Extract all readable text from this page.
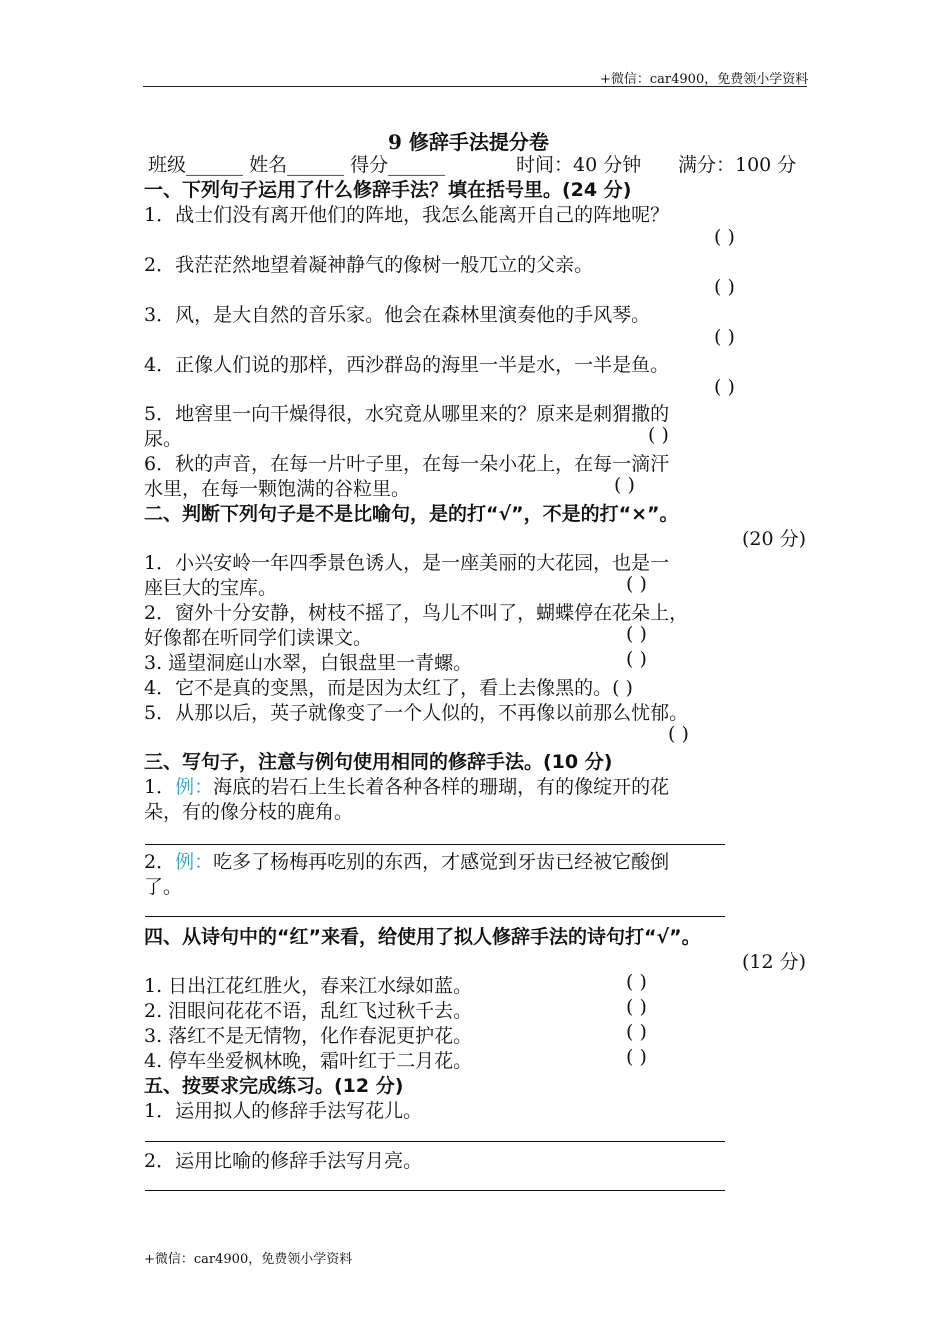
+微信：car4900，免费领小学资料
9 修辞手法提分卷
班级______ 姓名______ 得分______	时间：40 分钟 满分：100 分
一、下列句子运用了什么修辞手法？填在括号里。(24 分)
1．战士们没有离开他们的阵地，我怎么能离开自己的阵地呢？
( )
2．我茫茫然地望着凝神静气的像树一般兀立的父亲。
( )
3．风，是大自然的音乐家。他会在森林里演奏他的手风琴。
( )
4．正像人们说的那样，西沙群岛的海里一半是水，一半是鱼。
( )
5．地窖里一向干燥得很，水究竟从哪里来的？原来是刺猬撒的
尿。	( )
6．秋的声音，在每一片叶子里，在每一朵小花上，在每一滴汗
水里，在每一颗饱满的谷粒里。	( )
二、判断下列句子是不是比喻句，是的打“√”，不是的打“×”。
(20 分)
1．小兴安岭一年四季景色诱人，是一座美丽的大花园，也是一
座巨大的宝库。	( )
2．窗外十分安静，树枝不摇了，鸟儿不叫了，蝴蝶停在花朵上，
好像都在听同学们读课文。	( )
3. 遥望洞庭山水翠，白银盘里一青螺。	( )
4．它不是真的变黑，而是因为太红了，看上去像黑的。( )
5．从那以后，英子就像变了一个人似的，不再像以前那么忧郁。
( )
三、写句子，注意与例句使用相同的修辞手法。(10 分)
1．例：海底的岩石上生长着各种各样的珊瑚，有的像绽开的花
朵，有的像分枝的鹿角。
2．例：吃多了杨梅再吃别的东西，才感觉到牙齿已经被它酸倒
了。
四、从诗句中的“红”来看，给使用了拟人修辞手法的诗句打“√”。
(12 分)
1. 日出江花红胜火，春来江水绿如蓝。	( )
2. 泪眼问花花不语，乱红飞过秋千去。	( )
3. 落红不是无情物，化作春泥更护花。	( )
4. 停车坐爱枫林晚，霜叶红于二月花。	( )
五、按要求完成练习。(12 分)
1．运用拟人的修辞手法写花儿。
2．运用比喻的修辞手法写月亮。
+微信：car4900，免费领小学资料
